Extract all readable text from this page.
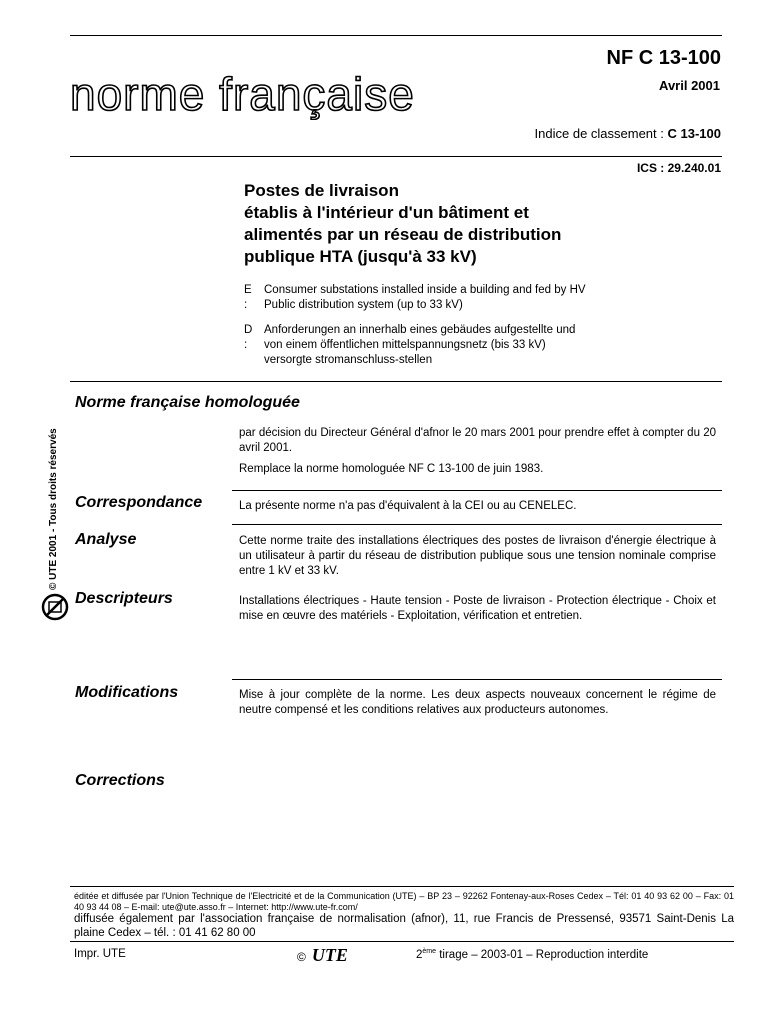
norme française
NF C 13-100
Avril 2001
Indice de classement : C 13-100
ICS : 29.240.01
Postes de livraison
établis à l'intérieur d'un bâtiment et
alimentés par un réseau de distribution
publique HTA (jusqu'à 33 kV)
E :
Consumer substations installed inside a building and fed by HV
Public distribution system (up to 33 kV)
D :
Anforderungen an innerhalb eines gebäudes aufgestellte und
von einem öffentlichen mittelspannungsnetz (bis 33 kV)
versorgte stromanschluss-stellen
© UTE 2001 - Tous droits réservés
Norme française homologuée
par décision du Directeur Général d'afnor le 20 mars 2001 pour prendre effet à compter du 20 avril 2001.
Remplace la norme homologuée NF C 13-100 de juin 1983.
Correspondance	La présente norme n'a pas d'équivalent à la CEI ou au CENELEC.
Analyse	Cette norme traite des installations électriques des postes de livraison d'énergie électrique à un utilisateur à partir du réseau de distribution publique sous une tension nominale comprise entre 1 kV et 33 kV.
Descripteurs	Installations électriques - Haute tension - Poste de livraison - Protection électrique - Choix et mise en œuvre des matériels - Exploitation, vérification et entretien.
Modifications	Mise à jour complète de la norme. Les deux aspects nouveaux concernent le régime de neutre compensé et les conditions relatives aux producteurs autonomes.
Corrections
éditée et diffusée par l'Union Technique de l'Electricité et de la Communication (UTE) – BP 23 – 92262 Fontenay-aux-Roses Cedex – Tél: 01 40 93 62 00 – Fax: 01 40 93 44 08 – E-mail: ute@ute.asso.fr – Internet: http://www.ute-fr.com/
diffusée également par l'association française de normalisation (afnor), 11, rue Francis de Pressensé, 93571 Saint-Denis La plaine Cedex – tél. : 01 41 62 80 00
Impr. UTE	© UTE	2ème tirage – 2003-01 – Reproduction interdite
